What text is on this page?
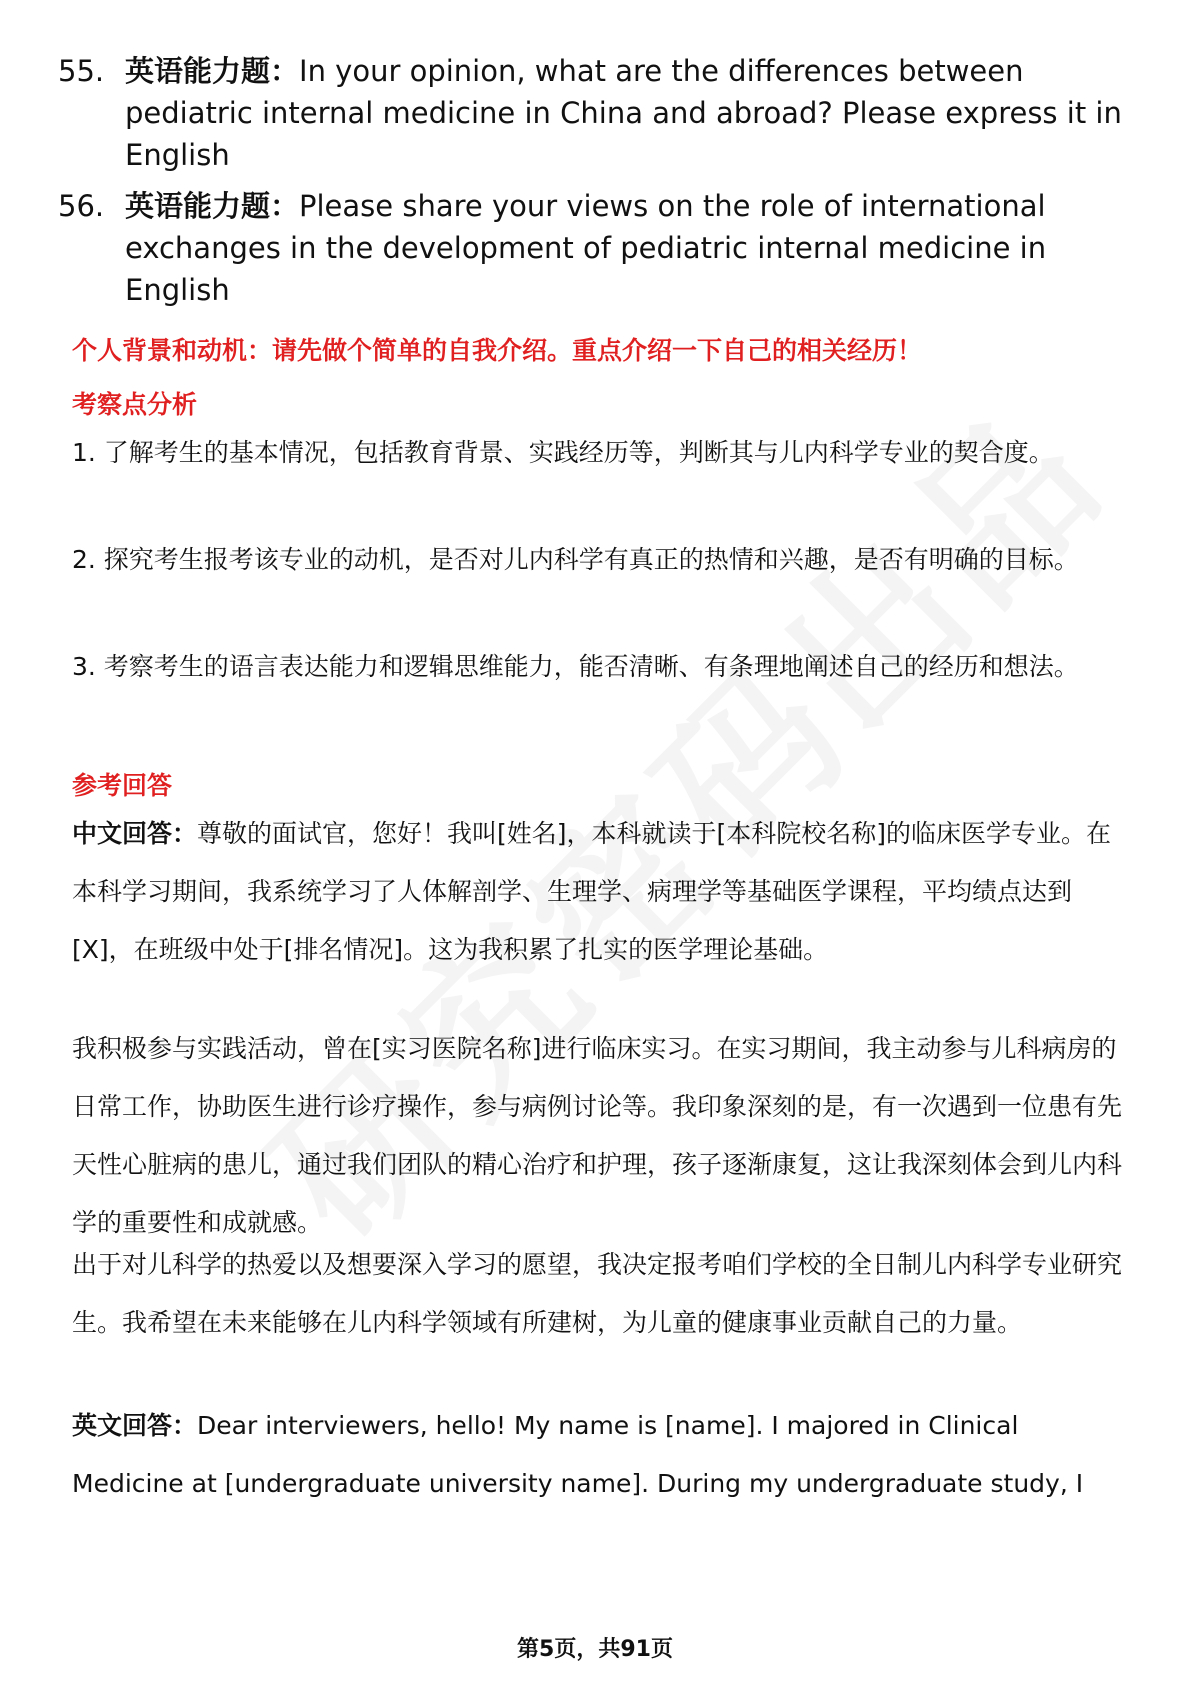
55. 英语能力题：In your opinion, what are the differences between pediatric internal medicine in China and abroad? Please express it in English
56. 英语能力题：Please share your views on the role of international exchanges in the development of pediatric internal medicine in English
个人背景和动机：请先做个简单的自我介绍。重点介绍一下自己的相关经历！
考察点分析
1. 了解考生的基本情况，包括教育背景、实践经历等，判断其与儿内科学专业的契合度。
2. 探究考生报考该专业的动机，是否对儿内科学有真正的热情和兴趣，是否有明确的目标。
3. 考察考生的语言表达能力和逻辑思维能力，能否清晰、有条理地阐述自己的经历和想法。
参考回答
中文回答：尊敬的面试官，您好！我叫[姓名]，本科就读于[本科院校名称]的临床医学专业。在本科学习期间，我系统学习了人体解剖学、生理学、病理学等基础医学课程，平均绩点达到[X]，在班级中处于[排名情况]。这为我积累了扎实的医学理论基础。
我积极参与实践活动，曾在[实习医院名称]进行临床实习。在实习期间，我主动参与儿科病房的日常工作，协助医生进行诊疗操作，参与病例讨论等。我印象深刻的是，有一次遇到一位患有先天性心脏病的患儿，通过我们团队的精心治疗和护理，孩子逐渐康复，这让我深刻体会到儿内科学的重要性和成就感。
出于对儿科学的热爱以及想要深入学习的愿望，我决定报考咱们学校的全日制儿内科学专业研究生。我希望在未来能够在儿内科学领域有所建树，为儿童的健康事业贡献自己的力量。
英文回答：Dear interviewers, hello! My name is [name]. I majored in Clinical Medicine at [undergraduate university name]. During my undergraduate study, I
第5页，共91页
